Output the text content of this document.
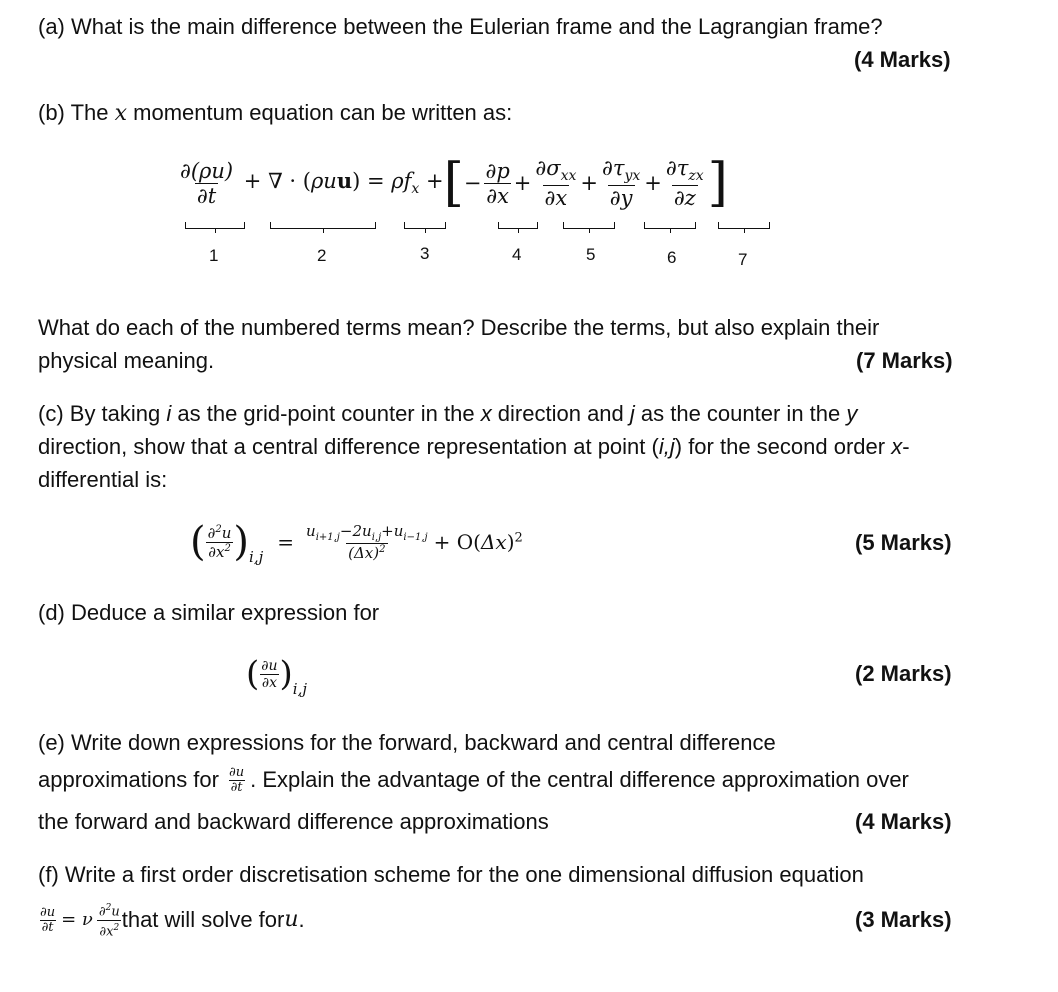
(a) What is the main difference between the Eulerian frame and the Lagrangian frame?
(4 Marks)
(b) The x momentum equation can be written as:
$\frac{\partial(\rho u)}{\partial t}$ + ∇ · $(\rho uu) = \rho f_x$ + [ − $\frac{\partial p}{\partial x} + \frac{\partial\sigma_{xx}}{\partial x} + \frac{\partial\tau_{yx}}{\partial y} + \frac{\partial\tau_{zx}}{\partial z}$ ]
1	2	3	4	5	6	7
What do each of the numbered terms mean? Describe the terms, but also explain their
physical meaning.	(7 Marks)
(c) By taking i as the grid-point counter in the x direction and j as the counter in the y
direction, show that a central difference representation at point (i,j) for the second order x-
differential is:
( $\frac{\partial^2u}{\partial x^2}$ ) i,j
= $\frac{u_{i+1,j}-2u_{i,j}+u_{i-1,j}}{(\Delta x)^2} + O(\Delta x)^2$	(5 Marks)
(d) Deduce a similar expression for
( $\frac{\partial u}{\partial x}$ ) i,j
(2 Marks)
(e) Write down expressions for the forward, backward and central difference
approximations for $\frac{\partial u}{\partial t}$ . Explain the advantage of the central difference approximation over
the forward and backward difference approximations	(4 Marks)
(f) Write a first order discretisation scheme for the one dimensional diffusion equation
$\frac{\partial u}{\partial t} = \nu \frac{\partial^2u}{\partial x^2}$ that will solve for u .	(3 Marks)
